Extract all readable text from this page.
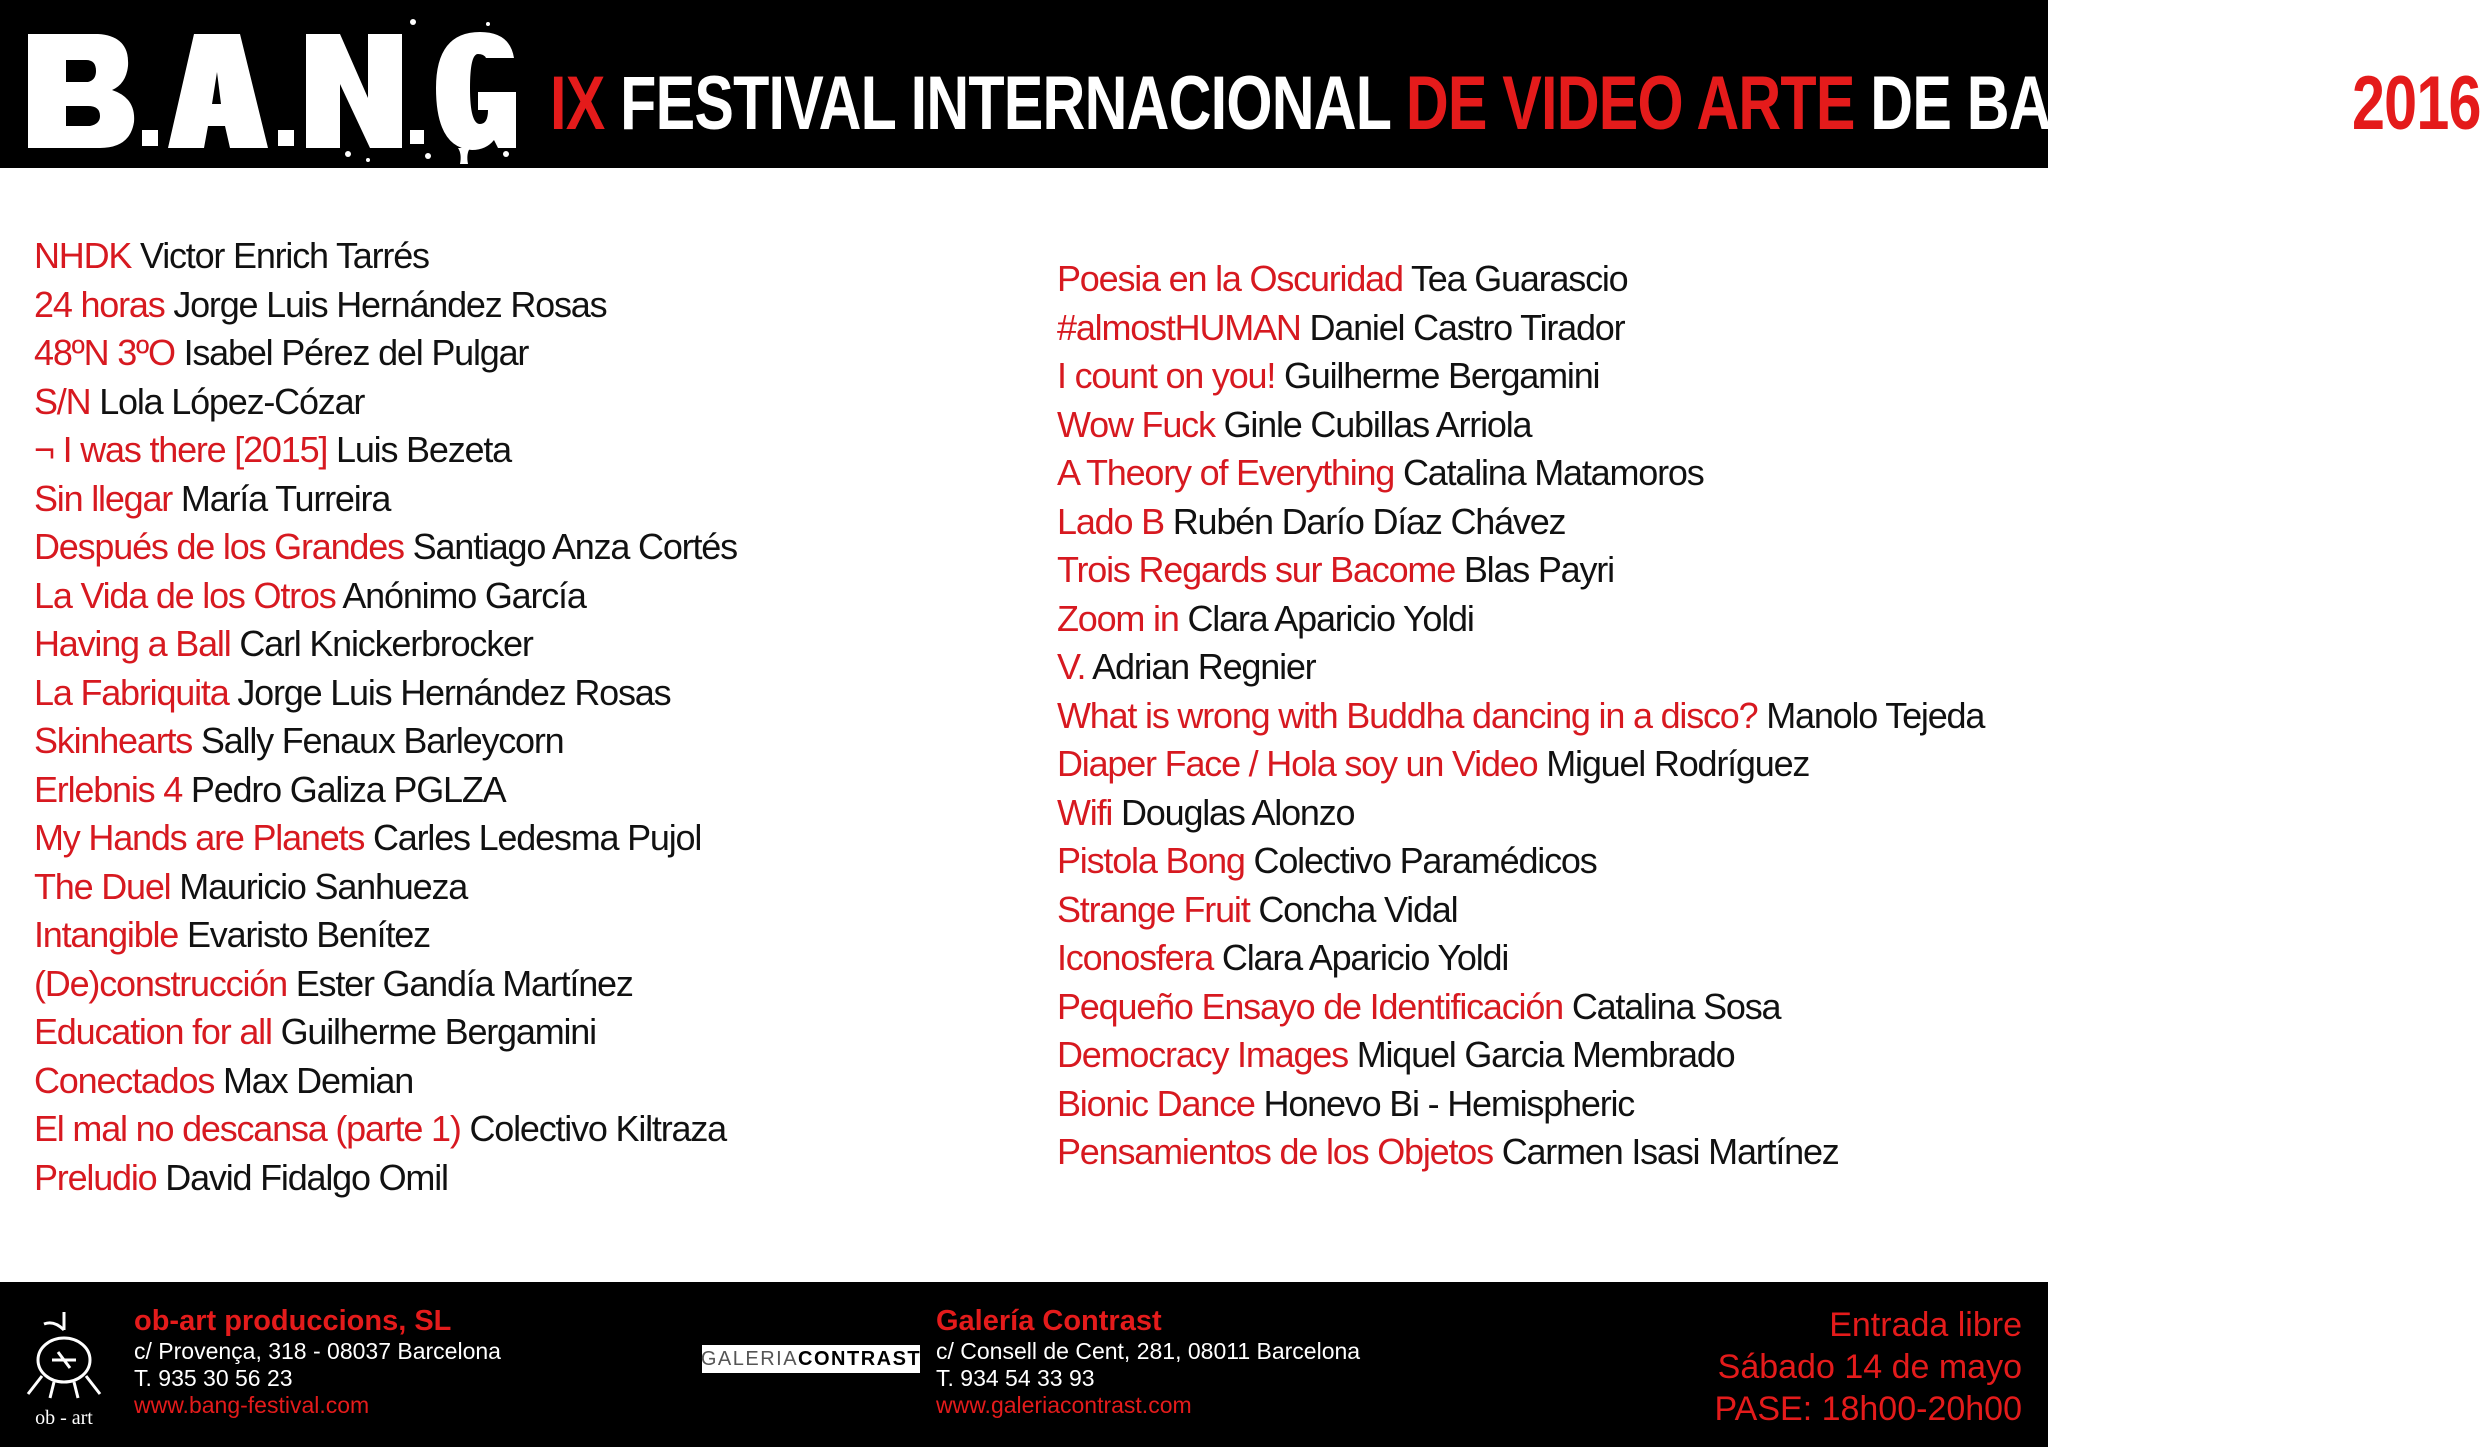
IX FESTIVAL INTERNACIONAL DE VIDEO ARTE DE BARCELONA 2016
NHDK Victor Enrich Tarrés
24 horas Jorge Luis Hernández Rosas
48ºN 3ºO Isabel Pérez del Pulgar
S/N Lola López-Cózar
¬ I was there [2015] Luis Bezeta
Sin llegar María Turreira
Después de los Grandes Santiago Anza Cortés
La Vida de los Otros Anónimo García
Having a Ball Carl Knickerbrocker
La Fabriquita Jorge Luis Hernández Rosas
Skinhearts Sally Fenaux Barleycorn
Erlebnis 4 Pedro Galiza PGLZA
My Hands are Planets Carles Ledesma Pujol
The Duel Mauricio Sanhueza
Intangible Evaristo Benítez
(De)construcción Ester Gandía Martínez
Education for all Guilherme Bergamini
Conectados Max Demian
El mal no descansa (parte 1) Colectivo Kiltraza
Preludio David Fidalgo Omil
Poesia en la Oscuridad Tea Guarascio
#almostHUMAN Daniel Castro Tirador
I count on you! Guilherme Bergamini
Wow Fuck Ginle Cubillas Arriola
A Theory of Everything Catalina Matamoros
Lado B Rubén Darío Díaz Chávez
Trois Regards sur Bacome Blas Payri
Zoom in Clara Aparicio Yoldi
V. Adrian Regnier
What is wrong with Buddha dancing in a disco? Manolo Tejeda
Diaper Face / Hola soy un Video Miguel Rodríguez
Wifi Douglas Alonzo
Pistola Bong Colectivo Paramédicos
Strange Fruit Concha Vidal
Iconosfera Clara Aparicio Yoldi
Pequeño Ensayo de Identificación Catalina Sosa
Democracy Images Miquel Garcia Membrado
Bionic Dance Honevo Bi - Hemispheric
Pensamientos de los Objetos Carmen Isasi Martínez
ob - art
ob-art produccions, SL
c/ Provença, 318 - 08037 Barcelona
T. 935 30 56 23
www.bang-festival.com
GALERIA CONTRAST
Galería Contrast
c/ Consell de Cent, 281, 08011 Barcelona
T. 934 54 33 93
www.galeriacontrast.com
Entrada libre
Sábado 14 de mayo
PASE: 18h00-20h00
